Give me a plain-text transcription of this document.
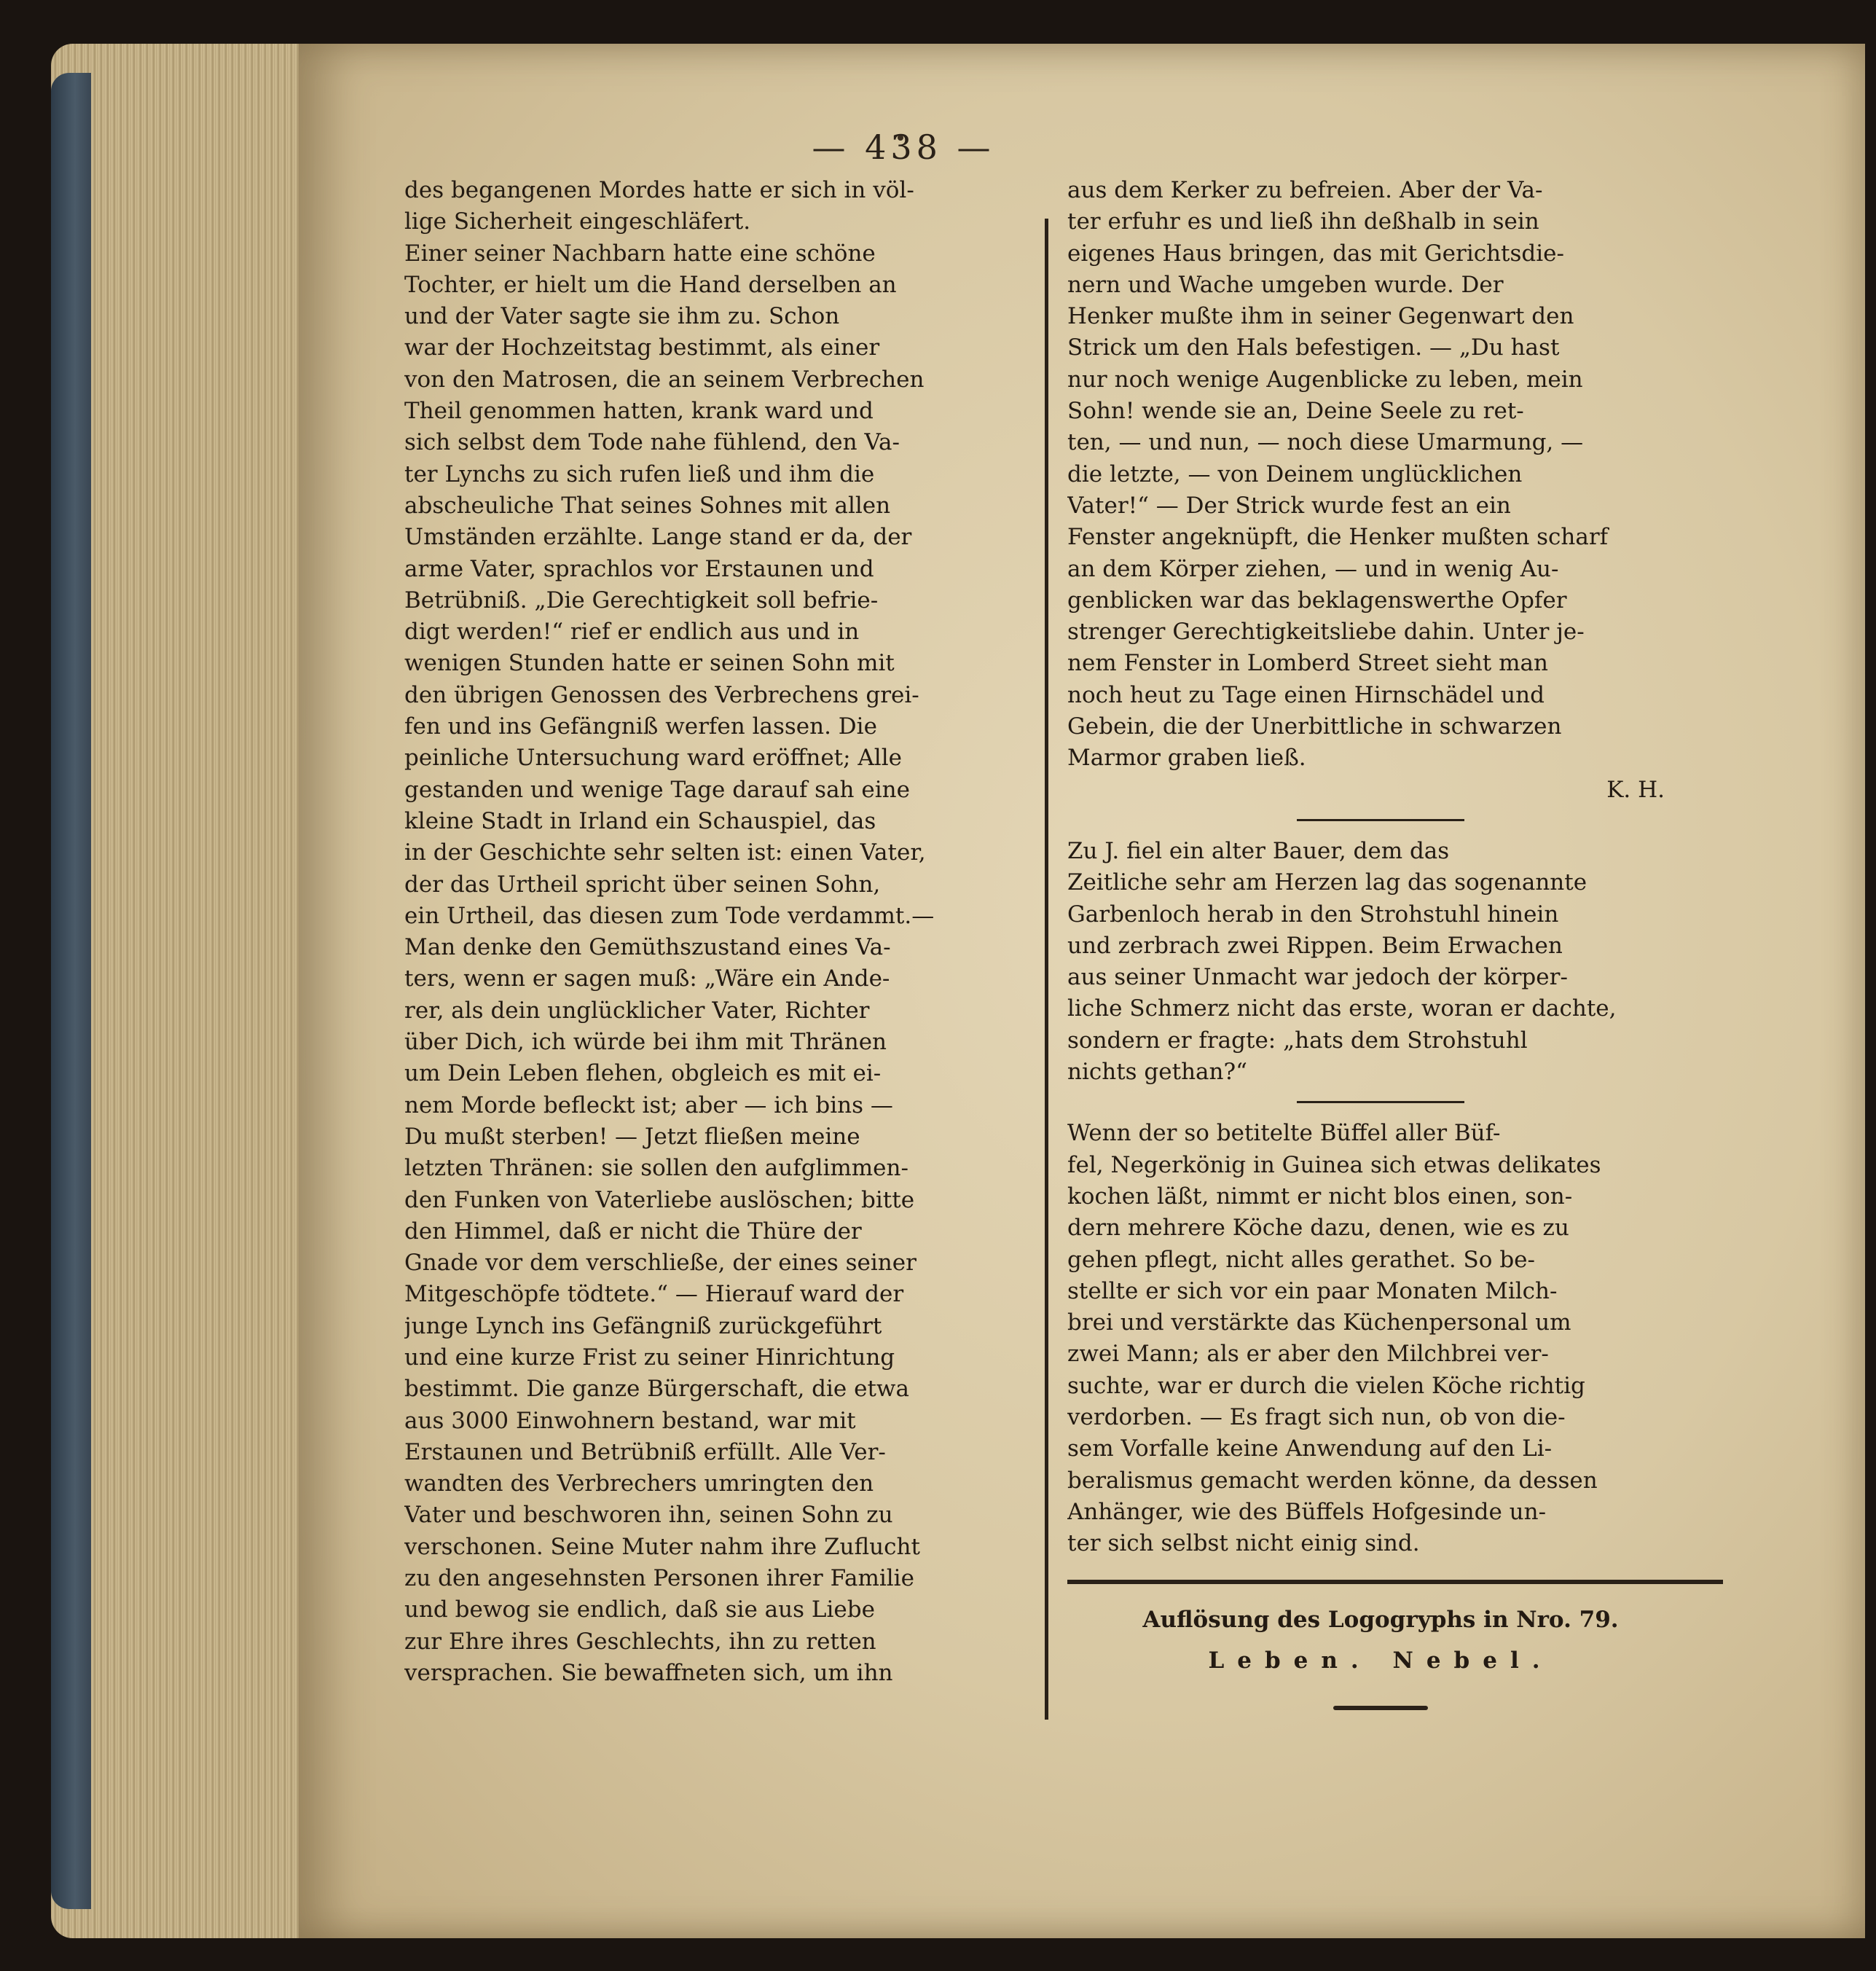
— 438 —
des begangenen Mordes hatte er sich in völ-
lige Sicherheit eingeschläfert.
Einer seiner Nachbarn hatte eine schöne
Tochter, er hielt um die Hand derselben an
und der Vater sagte sie ihm zu. Schon
war der Hochzeitstag bestimmt, als einer
von den Matrosen, die an seinem Verbrechen
Theil genommen hatten, krank ward und
sich selbst dem Tode nahe fühlend, den Va-
ter Lynchs zu sich rufen ließ und ihm die
abscheuliche That seines Sohnes mit allen
Umständen erzählte. Lange stand er da, der
arme Vater, sprachlos vor Erstaunen und
Betrübniß. „Die Gerechtigkeit soll befrie-
digt werden!“ rief er endlich aus und in
wenigen Stunden hatte er seinen Sohn mit
den übrigen Genossen des Verbrechens grei-
fen und ins Gefängniß werfen lassen. Die
peinliche Untersuchung ward eröffnet; Alle
gestanden und wenige Tage darauf sah eine
kleine Stadt in Irland ein Schauspiel, das
in der Geschichte sehr selten ist: einen Vater,
der das Urtheil spricht über seinen Sohn,
ein Urtheil, das diesen zum Tode verdammt.—
Man denke den Gemüthszustand eines Va-
ters, wenn er sagen muß: „Wäre ein Ande-
rer, als dein unglücklicher Vater, Richter
über Dich, ich würde bei ihm mit Thränen
um Dein Leben flehen, obgleich es mit ei-
nem Morde befleckt ist; aber — ich bins —
Du mußt sterben! — Jetzt fließen meine
letzten Thränen: sie sollen den aufglimmen-
den Funken von Vaterliebe auslöschen; bitte
den Himmel, daß er nicht die Thüre der
Gnade vor dem verschließe, der eines seiner
Mitgeschöpfe tödtete.“ — Hierauf ward der
junge Lynch ins Gefängniß zurückgeführt
und eine kurze Frist zu seiner Hinrichtung
bestimmt. Die ganze Bürgerschaft, die etwa
aus 3000 Einwohnern bestand, war mit
Erstaunen und Betrübniß erfüllt. Alle Ver-
wandten des Verbrechers umringten den
Vater und beschworen ihn, seinen Sohn zu
verschonen. Seine Muter nahm ihre Zuflucht
zu den angesehnsten Personen ihrer Familie
und bewog sie endlich, daß sie aus Liebe
zur Ehre ihres Geschlechts, ihn zu retten
versprachen. Sie bewaffneten sich, um ihn
aus dem Kerker zu befreien. Aber der Va-
ter erfuhr es und ließ ihn deßhalb in sein
eigenes Haus bringen, das mit Gerichtsdie-
nern und Wache umgeben wurde. Der
Henker mußte ihm in seiner Gegenwart den
Strick um den Hals befestigen. — „Du hast
nur noch wenige Augenblicke zu leben, mein
Sohn! wende sie an, Deine Seele zu ret-
ten, — und nun, — noch diese Umarmung, —
die letzte, — von Deinem unglücklichen
Vater!“ — Der Strick wurde fest an ein
Fenster angeknüpft, die Henker mußten scharf
an dem Körper ziehen, — und in wenig Au-
genblicken war das beklagenswerthe Opfer
strenger Gerechtigkeitsliebe dahin. Unter je-
nem Fenster in Lomberd Street sieht man
noch heut zu Tage einen Hirnschädel und
Gebein, die der Unerbittliche in schwarzen
Marmor graben ließ.
K. H.
Zu J. fiel ein alter Bauer, dem das
Zeitliche sehr am Herzen lag das sogenannte
Garbenloch herab in den Strohstuhl hinein
und zerbrach zwei Rippen. Beim Erwachen
aus seiner Unmacht war jedoch der körper-
liche Schmerz nicht das erste, woran er dachte,
sondern er fragte: „hats dem Strohstuhl
nichts gethan?“
Wenn der so betitelte Büffel aller Büf-
fel, Negerkönig in Guinea sich etwas delikates
kochen läßt, nimmt er nicht blos einen, son-
dern mehrere Köche dazu, denen, wie es zu
gehen pflegt, nicht alles gerathet. So be-
stellte er sich vor ein paar Monaten Milch-
brei und verstärkte das Küchenpersonal um
zwei Mann; als er aber den Milchbrei ver-
suchte, war er durch die vielen Köche richtig
verdorben. — Es fragt sich nun, ob von die-
sem Vorfalle keine Anwendung auf den Li-
beralismus gemacht werden könne, da dessen
Anhänger, wie des Büffels Hofgesinde un-
ter sich selbst nicht einig sind.
Auflösung des Logogryphs in Nro. 79.
Leben. Nebel.
